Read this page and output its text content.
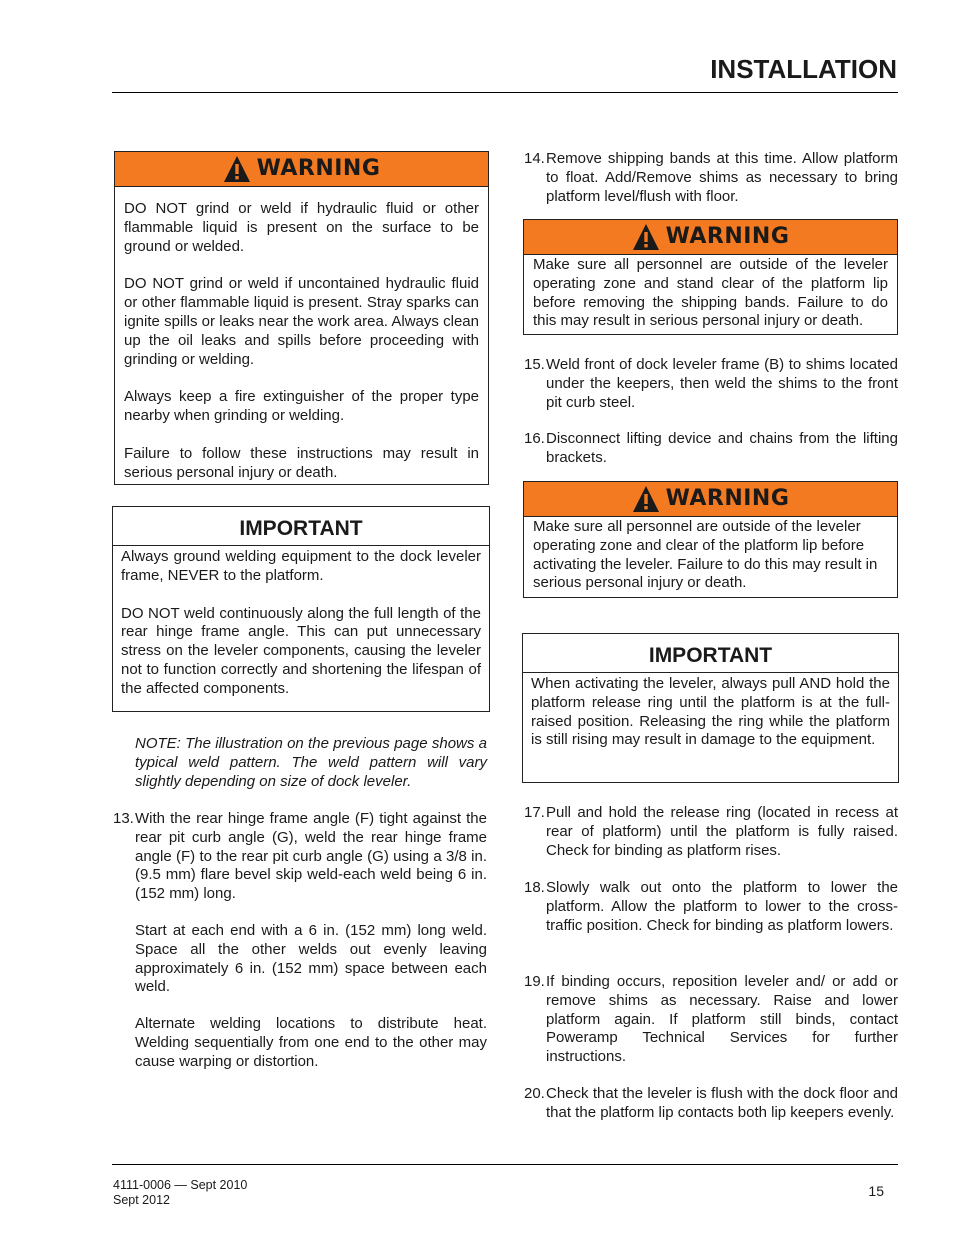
INSTALLATION
WARNING

DO NOT grind or weld if hydraulic fluid or other flammable liquid is present on the surface to be ground or welded.

DO NOT grind or weld if uncontained hydraulic fluid or other flammable liquid is present. Stray sparks can ignite spills or leaks near the work area. Always clean up the oil leaks and spills before proceeding with grinding or welding.

Always keep a fire extinguisher of the proper type nearby when grinding or welding.

Failure to follow these instructions may result in serious personal injury or death.

IMPORTANT

Always ground welding equipment to the dock leveler frame, NEVER to the platform.

DO NOT weld continuously along the full length of the rear hinge frame angle. This can put unnecessary stress on the leveler components, causing the leveler not to function correctly and shortening the lifespan of the affected components.

NOTE: The illustration on the previous page shows a typical weld pattern. The weld pattern will vary slightly depending on size of dock leveler.
13. With the rear hinge frame angle (F) tight against the rear pit curb angle (G), weld the rear hinge frame angle (F) to the rear pit curb angle (G) using a 3/8 in. (9.5 mm) flare bevel skip weld-each weld being 6 in. (152 mm) long.

Start at each end with a 6 in. (152 mm) long weld. Space all the other welds out evenly leaving approximately 6 in. (152 mm) space between each weld.

Alternate welding locations to distribute heat. Welding sequentially from one end to the other may cause warping or distortion.

14. Remove shipping bands at this time. Allow platform to float. Add/Remove shims as necessary to bring platform level/flush with floor.
WARNING

Make sure all personnel are outside of the leveler operating zone and stand clear of the platform lip before removing the shipping bands. Failure to do this may result in serious personal injury or death.

15. Weld front of dock leveler frame (B) to shims located under the keepers, then weld the shims to the front pit curb steel.
16. Disconnect lifting device and chains from the lifting brackets.
WARNING

Make sure all personnel are outside of the leveler operating zone and clear of the platform lip before activating the leveler. Failure to do this may result in serious personal injury or death.

IMPORTANT

When activating the leveler, always pull AND hold the platform release ring until the platform is at the full-raised position. Releasing the ring while the platform is still rising may result in damage to the equipment.

17. Pull and hold the release ring (located in recess at rear of platform) until the platform is fully raised. Check for binding as platform rises.
18. Slowly walk out onto the platform to lower the platform. Allow the platform to lower to the cross-traffic position. Check for binding as platform lowers.
19. If binding occurs, reposition leveler and/ or add or remove shims as necessary. Raise and lower platform again. If platform still binds, contact Poweramp Technical Services for further instructions.
20. Check that the leveler is flush with the dock floor and that the platform lip contacts both lip keepers evenly.
4111-0006 — Sept 2010
Sept 2012
15
